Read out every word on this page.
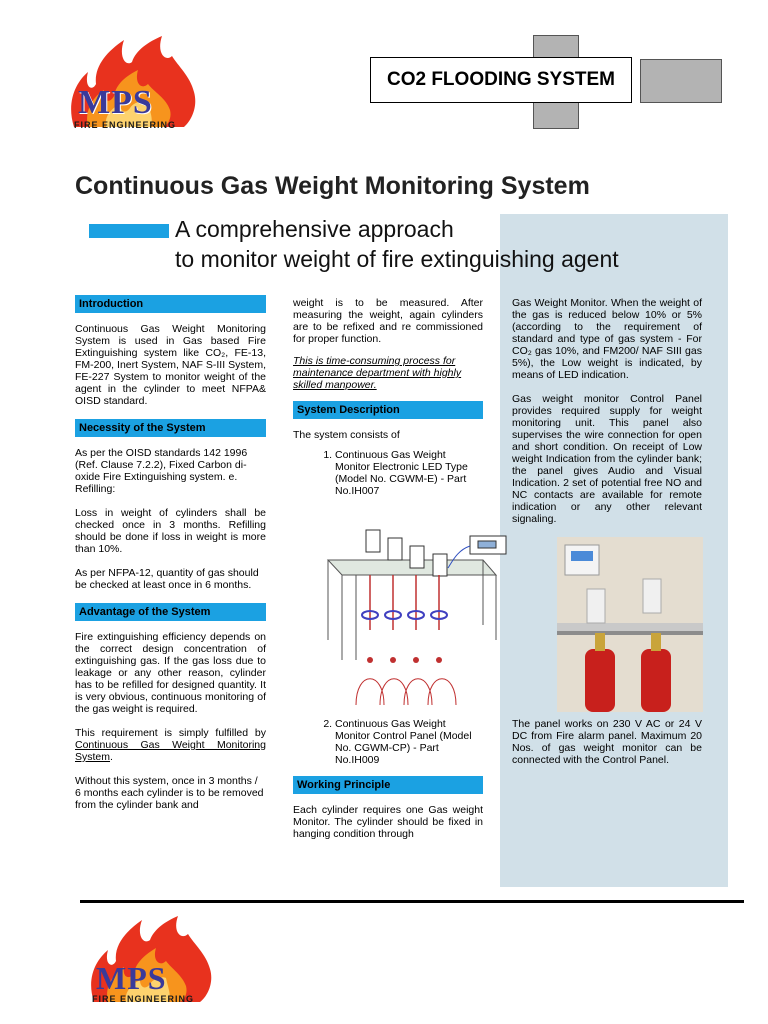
MPS
FIRE ENGINEERING
CO2 FLOODING SYSTEM
Continuous Gas Weight Monitoring System
A comprehensive approach
to monitor weight of fire extinguishing agent
Introduction

Continuous Gas Weight Monitoring System is used in Gas based Fire Extinguishing system like CO₂, FE-13, FM-200, Inert System, NAF S-III System, FE-227 System to monitor weight of the agent in the cylinder to meet NFPA& OISD standard.

Necessity of the System

As per the OISD standards 142 1996 (Ref. Clause 7.2.2), Fixed Carbon di-oxide Fire Extinguishing system. e. Refilling:

Loss in weight of cylinders shall be checked once in 3 months. Refilling should be done if loss in weight is more than 10%.

As per NFPA-12, quantity of gas should be checked at least once in 6 months.

Advantage of the System

Fire extinguishing efficiency depends on the correct design concentration of extinguishing gas. If the gas loss due to leakage or any other reason, cylinder has to be refilled for designed quantity. It is very obvious, continuous monitoring of the gas weight is required.

This requirement is simply fulfilled by Continuous Gas Weight Monitoring System.

Without this system, once in 3 months / 6 months each cylinder is to be removed from the cylinder bank and

weight is to be measured. After measuring the weight, again cylinders are to be refixed and re commissioned for proper function.

This is time-consuming process for maintenance department with highly skilled manpower.

System Description

The system consists of

1. Continuous Gas Weight Monitor Electronic LED Type (Model No. CGWM-E) - Part No.IH007
2. Continuous Gas Weight Monitor Control Panel (Model No. CGWM-CP) - Part No.IH009
Working Principle

Each cylinder requires one Gas weight Monitor. The cylinder should be fixed in hanging condition through

Gas Weight Monitor. When the weight of the gas is reduced below 10% or 5% (according to the requirement of standard and type of gas system - For CO₂ gas 10%, and FM200/ NAF SIII gas 5%), the Low weight is indicated, by means of LED indication.

Gas weight monitor Control Panel provides required supply for weight monitoring unit. This panel also supervises the wire connection for open and short condition. On receipt of Low weight Indication from the cylinder bank; the panel gives Audio and Visual Indication. 2 set of potential free NO and NC contacts are available for remote indication or any other relevant signaling.

The panel works on 230 V AC or 24 V DC from Fire alarm panel. Maximum 20 Nos. of gas weight monitor can be connected with the Control Panel.

MPS
FIRE ENGINEERING
